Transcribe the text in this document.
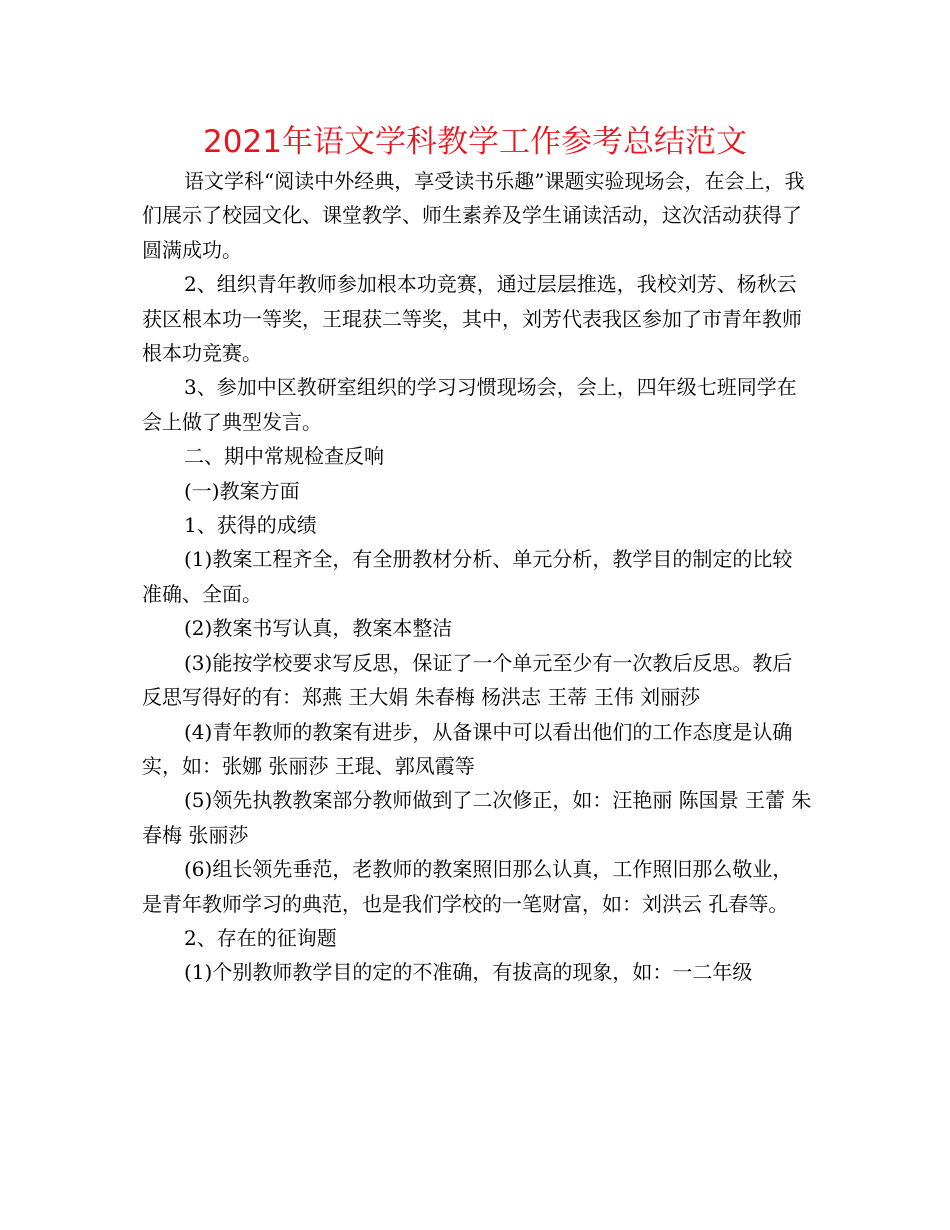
2021年语文学科教学工作参考总结范文

语文学科“阅读中外经典，享受读书乐趣”课题实验现场会，在会上，我们展示了校园文化、课堂教学、师生素养及学生诵读活动，这次活动获得了圆满成功。

2、组织青年教师参加根本功竞赛，通过层层推选，我校刘芳、杨秋云获区根本功一等奖，王琨获二等奖，其中，刘芳代表我区参加了市青年教师根本功竞赛。

3、参加中区教研室组织的学习习惯现场会，会上，四年级七班同学在会上做了典型发言。

二、期中常规检查反响

(一)教案方面

1、获得的成绩

(1)教案工程齐全，有全册教材分析、单元分析，教学目的制定的比较准确、全面。

(2)教案书写认真，教案本整洁

(3)能按学校要求写反思，保证了一个单元至少有一次教后反思。教后反思写得好的有：郑燕 王大娟 朱春梅 杨洪志 王蒂 王伟 刘丽莎

(4)青年教师的教案有进步，从备课中可以看出他们的工作态度是认确实，如：张娜 张丽莎 王琨、郭凤霞等

(5)领先执教教案部分教师做到了二次修正，如：汪艳丽 陈国景 王蕾 朱春梅 张丽莎

(6)组长领先垂范，老教师的教案照旧那么认真，工作照旧那么敬业，是青年教师学习的典范，也是我们学校的一笔财富，如：刘洪云 孔春等。

2、存在的征询题

(1)个别教师教学目的定的不准确，有拔高的现象，如：一二年级
